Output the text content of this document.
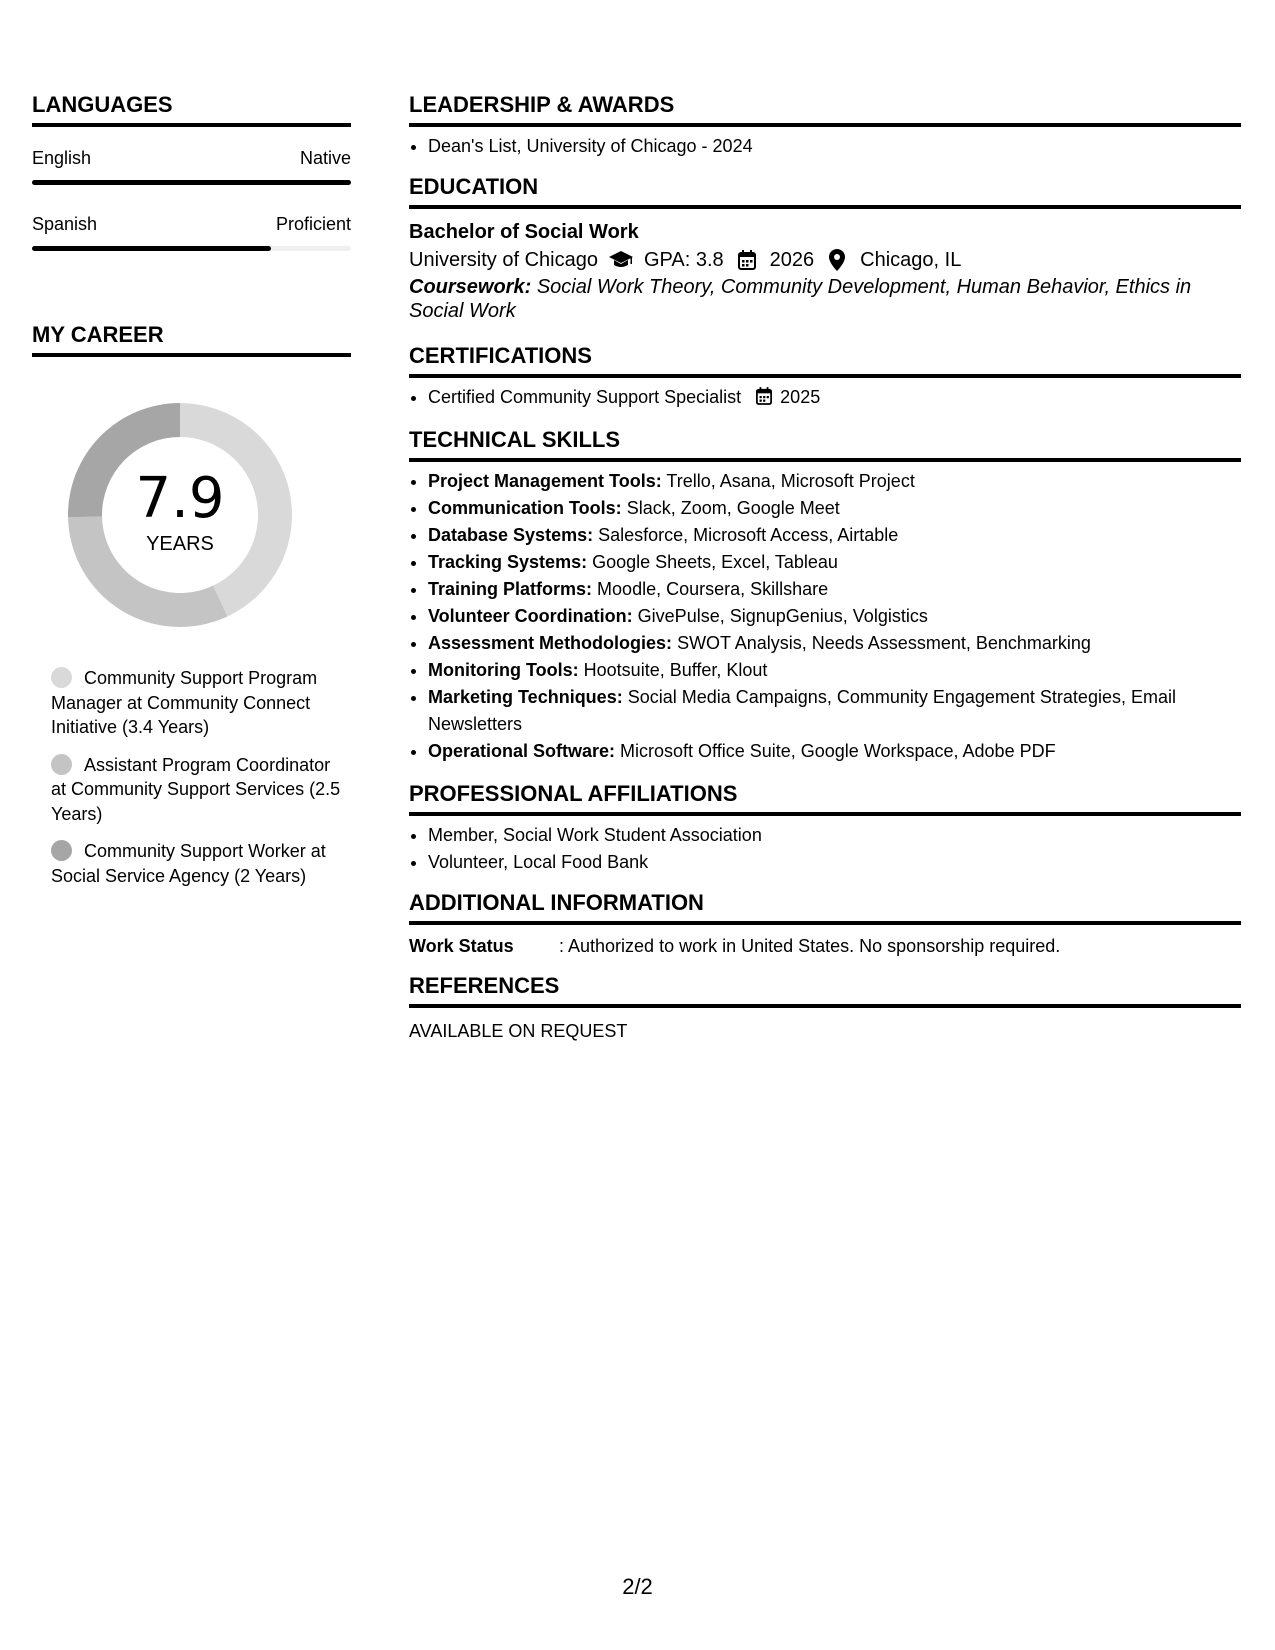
LANGUAGES
English	Native
Spanish	Proficient
MY CAREER
7.9
YEARS
Community Support Program Manager at Community Connect Initiative (3.4 Years)
Assistant Program Coordinator at Community Support Services (2.5 Years)
Community Support Worker at Social Service Agency (2 Years)
LEADERSHIP & AWARDS
• Dean's List, University of Chicago - 2024
EDUCATION
Bachelor of Social Work
University of Chicago GPA: 3.8 2026 Chicago, IL
Coursework: Social Work Theory, Community Development, Human Behavior, Ethics in Social Work
CERTIFICATIONS
• Certified Community Support Specialist 2025
TECHNICAL SKILLS
• Project Management Tools: Trello, Asana, Microsoft Project
• Communication Tools: Slack, Zoom, Google Meet
• Database Systems: Salesforce, Microsoft Access, Airtable
• Tracking Systems: Google Sheets, Excel, Tableau
• Training Platforms: Moodle, Coursera, Skillshare
• Volunteer Coordination: GivePulse, SignupGenius, Volgistics
• Assessment Methodologies: SWOT Analysis, Needs Assessment, Benchmarking
• Monitoring Tools: Hootsuite, Buffer, Klout
• Marketing Techniques: Social Media Campaigns, Community Engagement Strategies, Email Newsletters
• Operational Software: Microsoft Office Suite, Google Workspace, Adobe PDF
PROFESSIONAL AFFILIATIONS
• Member, Social Work Student Association
• Volunteer, Local Food Bank
ADDITIONAL INFORMATION
Work Status	: Authorized to work in United States. No sponsorship required.
REFERENCES
AVAILABLE ON REQUEST
2/2
